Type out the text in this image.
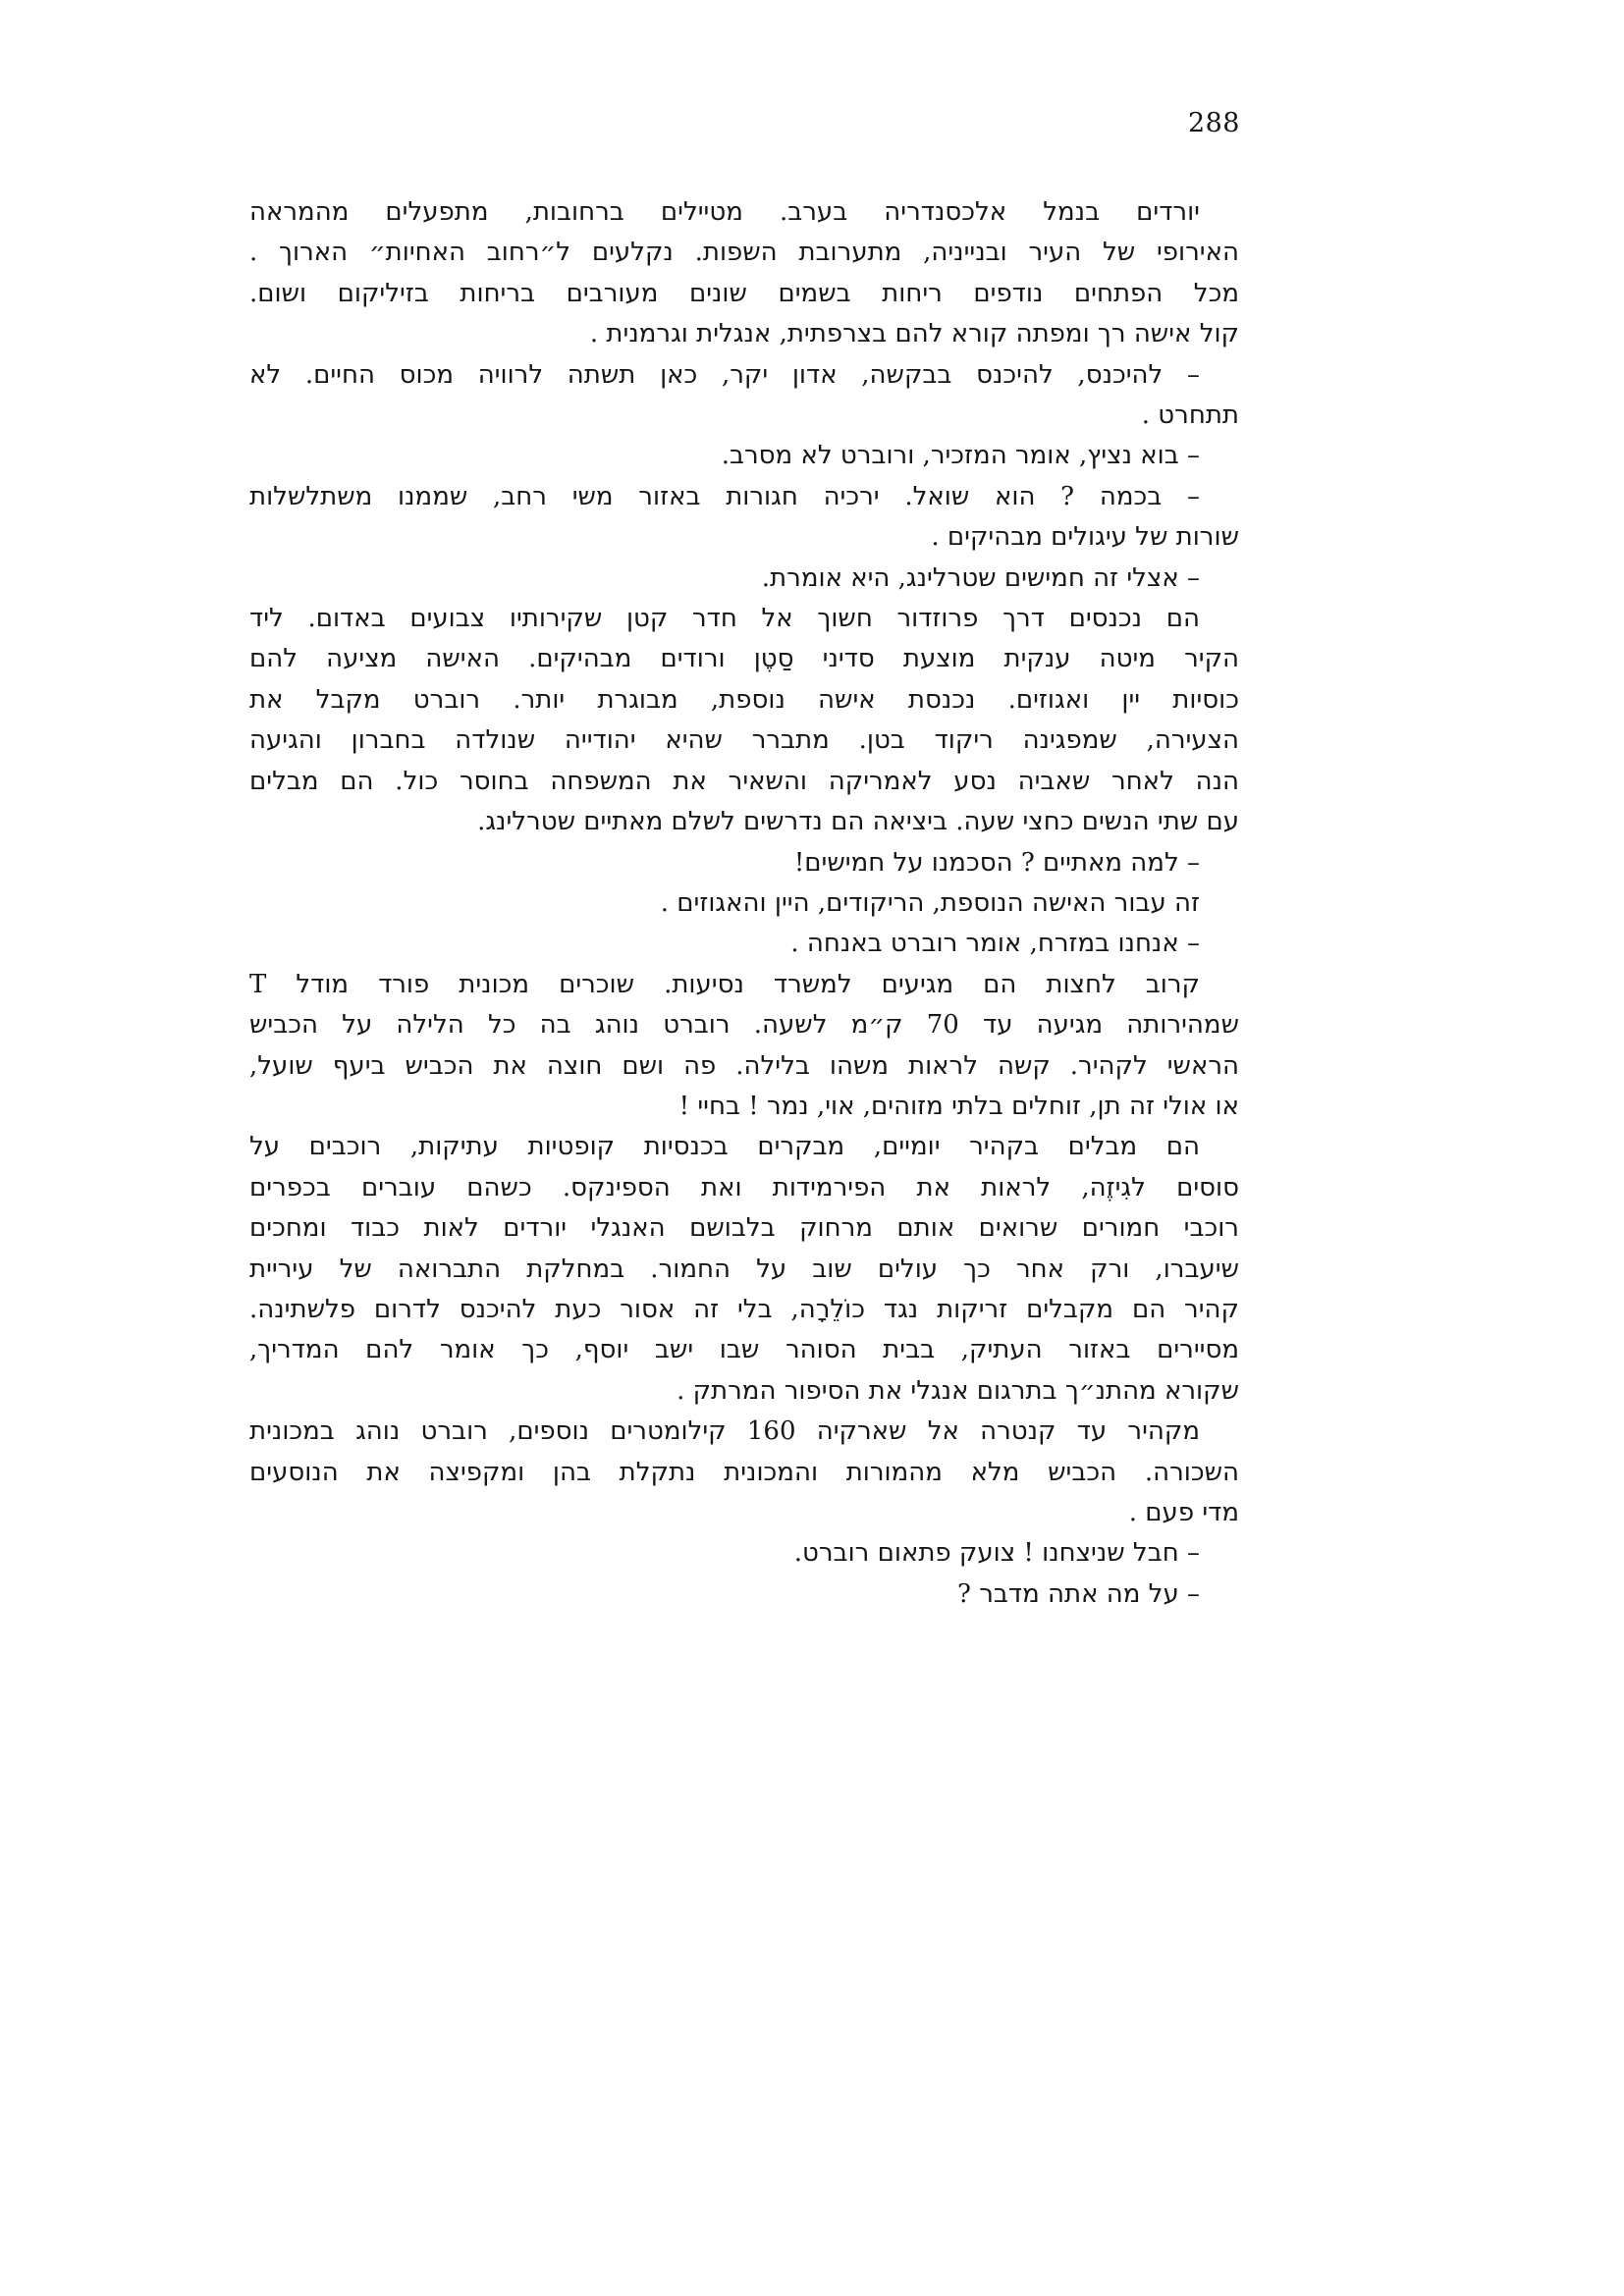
288
יורדים בנמל אלכסנדריה בערב. מטיילים ברחובות, מתפעלים מהמראה
האירופי של העיר ובנייניה, מתערובת השפות. נקלעים ל״רחוב האחיות״ הארוך .
מכל הפתחים נודפים ריחות בשמים שונים מעורבים בריחות בזיליקום ושום.
קול אישה רך ומפתה קורא להם בצרפתית, אנגלית וגרמנית .
– להיכנס, להיכנס בבקשה, אדון יקר, כאן תשתה לרוויה מכוס החיים. לא
תתחרט .
– בוא נציץ, אומר המזכיר, ורוברט לא מסרב.
– בכמה ? הוא שואל. ירכיה חגורות באזור משי רחב, שממנו משתלשלות
שורות של עיגולים מבהיקים .
– אצלי זה חמישים שטרלינג, היא אומרת.
הם נכנסים דרך פרוזדור חשוך אל חדר קטן שקירותיו צבועים באדום. ליד
הקיר מיטה ענקית מוצעת סדיני סַטֶן ורודים מבהיקים. האישה מציעה להם
כוסיות יין ואגוזים. נכנסת אישה נוספת, מבוגרת יותר. רוברט מקבל את
הצעירה, שמפגינה ריקוד בטן. מתברר שהיא יהודייה שנולדה בחברון והגיעה
הנה לאחר שאביה נסע לאמריקה והשאיר את המשפחה בחוסר כול. הם מבלים
עם שתי הנשים כחצי שעה. ביציאה הם נדרשים לשלם מאתיים שטרלינג.
– למה מאתיים ? הסכמנו על חמישים!
זה עבור האישה הנוספת, הריקודים, היין והאגוזים .
– אנחנו במזרח, אומר רוברט באנחה .
קרוב לחצות הם מגיעים למשרד נסיעות. שוכרים מכונית פורד מודל T
שמהירותה מגיעה עד 70 ק״מ לשעה. רוברט נוהג בה כל הלילה על הכביש
הראשי לקהיר. קשה לראות משהו בלילה. פה ושם חוצה את הכביש ביעף שועל,
או אולי זה תן, זוחלים בלתי מזוהים, אוי, נמר ! בחיי !
הם מבלים בקהיר יומיים, מבקרים בכנסיות קופטיות עתיקות, רוכבים על
סוסים לגִיזֶה, לראות את הפירמידות ואת הספינקס. כשהם עוברים בכפרים
רוכבי חמורים שרואים אותם מרחוק בלבושם האנגלי יורדים לאות כבוד ומחכים
שיעברו, ורק אחר כך עולים שוב על החמור. במחלקת התברואה של עיריית
קהיר הם מקבלים זריקות נגד כוֹלֵרָה, בלי זה אסור כעת להיכנס לדרום פלשתינה.
מסיירים באזור העתיק, בבית הסוהר שבו ישב יוסף, כך אומר להם המדריך,
שקורא מהתנ״ך בתרגום אנגלי את הסיפור המרתק .
מקהיר עד קנטרה אל שארקיה 160 קילומטרים נוספים, רוברט נוהג במכונית
השכורה. הכביש מלא מהמורות והמכונית נתקלת בהן ומקפיצה את הנוסעים
מדי פעם .
– חבל שניצחנו ! צועק פתאום רוברט.
– על מה אתה מדבר ?
